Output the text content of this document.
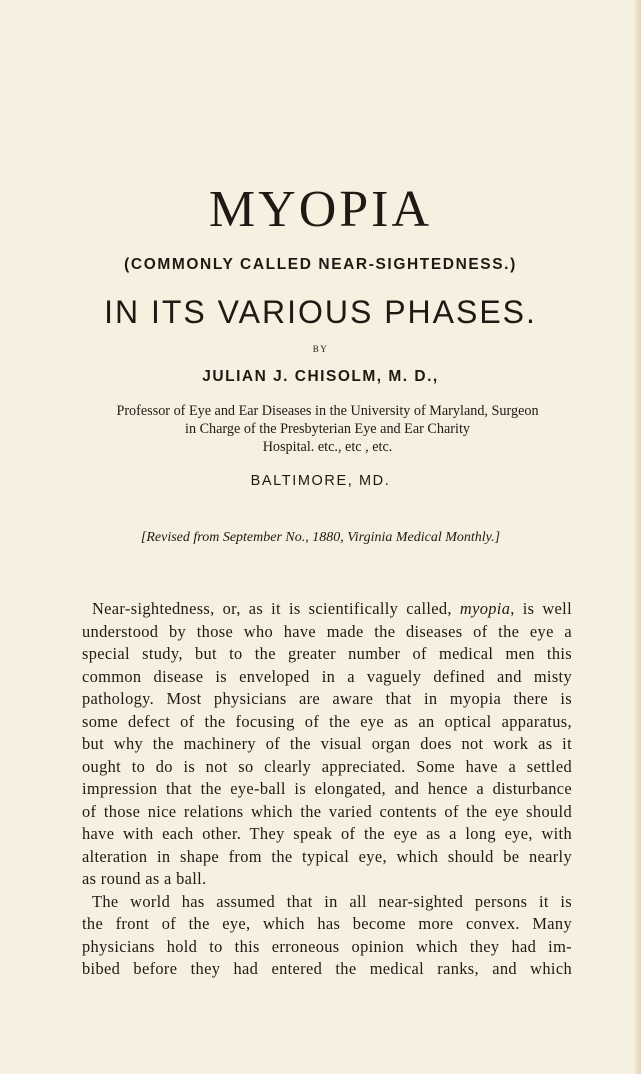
MYOPIA
(COMMONLY CALLED NEAR-SIGHTEDNESS.)
IN ITS VARIOUS PHASES.
BY
JULIAN J. CHISOLM, M. D.,
Professor of Eye and Ear Diseases in the University of Maryland, Surgeon
in Charge of the Presbyterian Eye and Ear Charity
Hospital. etc., etc , etc.
BALTIMORE, MD.
[Revised from September No., 1880, Virginia Medical Monthly.]
Near-sightedness, or, as it is scientifically called, myopia, is well
understood by those who have made the diseases of the eye a
special study, but to the greater number of medical men this
common disease is enveloped in a vaguely defined and misty
pathology. Most physicians are aware that in myopia there is
some defect of the focusing of the eye as an optical apparatus,
but why the machinery of the visual organ does not work as it
ought to do is not so clearly appreciated. Some have a settled
impression that the eye-ball is elongated, and hence a disturbance
of those nice relations which the varied contents of the eye should
have with each other. They speak of the eye as a long eye, with
alteration in shape from the typical eye, which should be nearly
as round as a ball.
The world has assumed that in all near-sighted persons it is
the front of the eye, which has become more convex. Many
physicians hold to this erroneous opinion which they had im-
bibed before they had entered the medical ranks, and which
